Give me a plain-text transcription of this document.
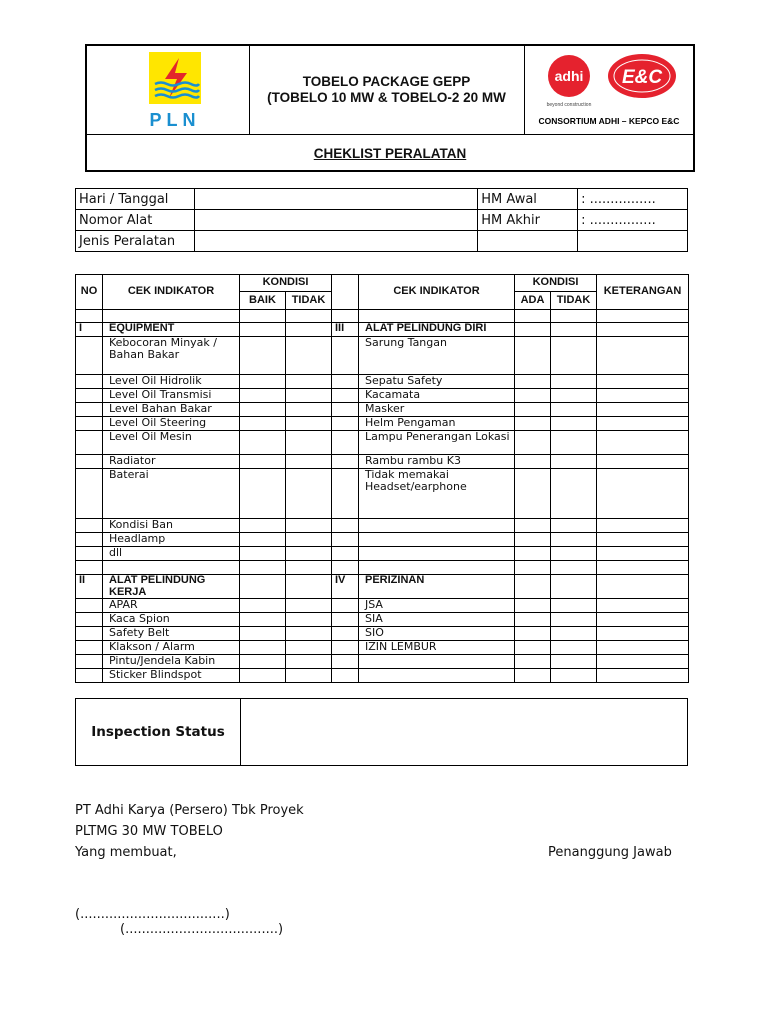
PLN
TOBELO PACKAGE GEPP
(TOBELO 10 MW & TOBELO-2 20 MW
adhi
beyond construction
E&C
CONSORTIUM ADHI – KEPCO E&C
CHEKLIST PERALATAN
Hari / Tanggal		HM Awal	: ................
Nomor Alat		HM Akhir	: ................
Jenis Peralatan			
NO	CEK INDIKATOR	KONDISI			CEK INDIKATOR	KONDISI		KETERANGAN
		BAIK	TIDAK			ADA	TIDAK	

I	EQUIPMENT			III	ALAT PELINDUNG DIRI			
	Kebocoran Minyak / Bahan Bakar				Sarung Tangan			
	Level Oil Hidrolik				Sepatu Safety			
	Level Oil Transmisi				Kacamata			
	Level Bahan Bakar				Masker			
	Level Oil Steering				Helm Pengaman			
	Level Oil Mesin				Lampu Penerangan Lokasi			
	Radiator				Rambu rambu K3			
	Baterai				Tidak memakai Headset/earphone			
	Kondisi Ban							
	Headlamp							
	dll							

II	ALAT PELINDUNG KERJA			IV	PERIZINAN			
	APAR				JSA			
	Kaca Spion				SIA			
	Safety Belt				SIO			
	Klakson / Alarm				IZIN LEMBUR			
	Pintu/Jendela Kabin							
	Sticker Blindspot							
Inspection Status
PT Adhi Karya (Persero) Tbk Proyek
PLTMG 30 MW TOBELO
Yang membuat,	Penanggung Jawab
(...................................)
(.....................................)
